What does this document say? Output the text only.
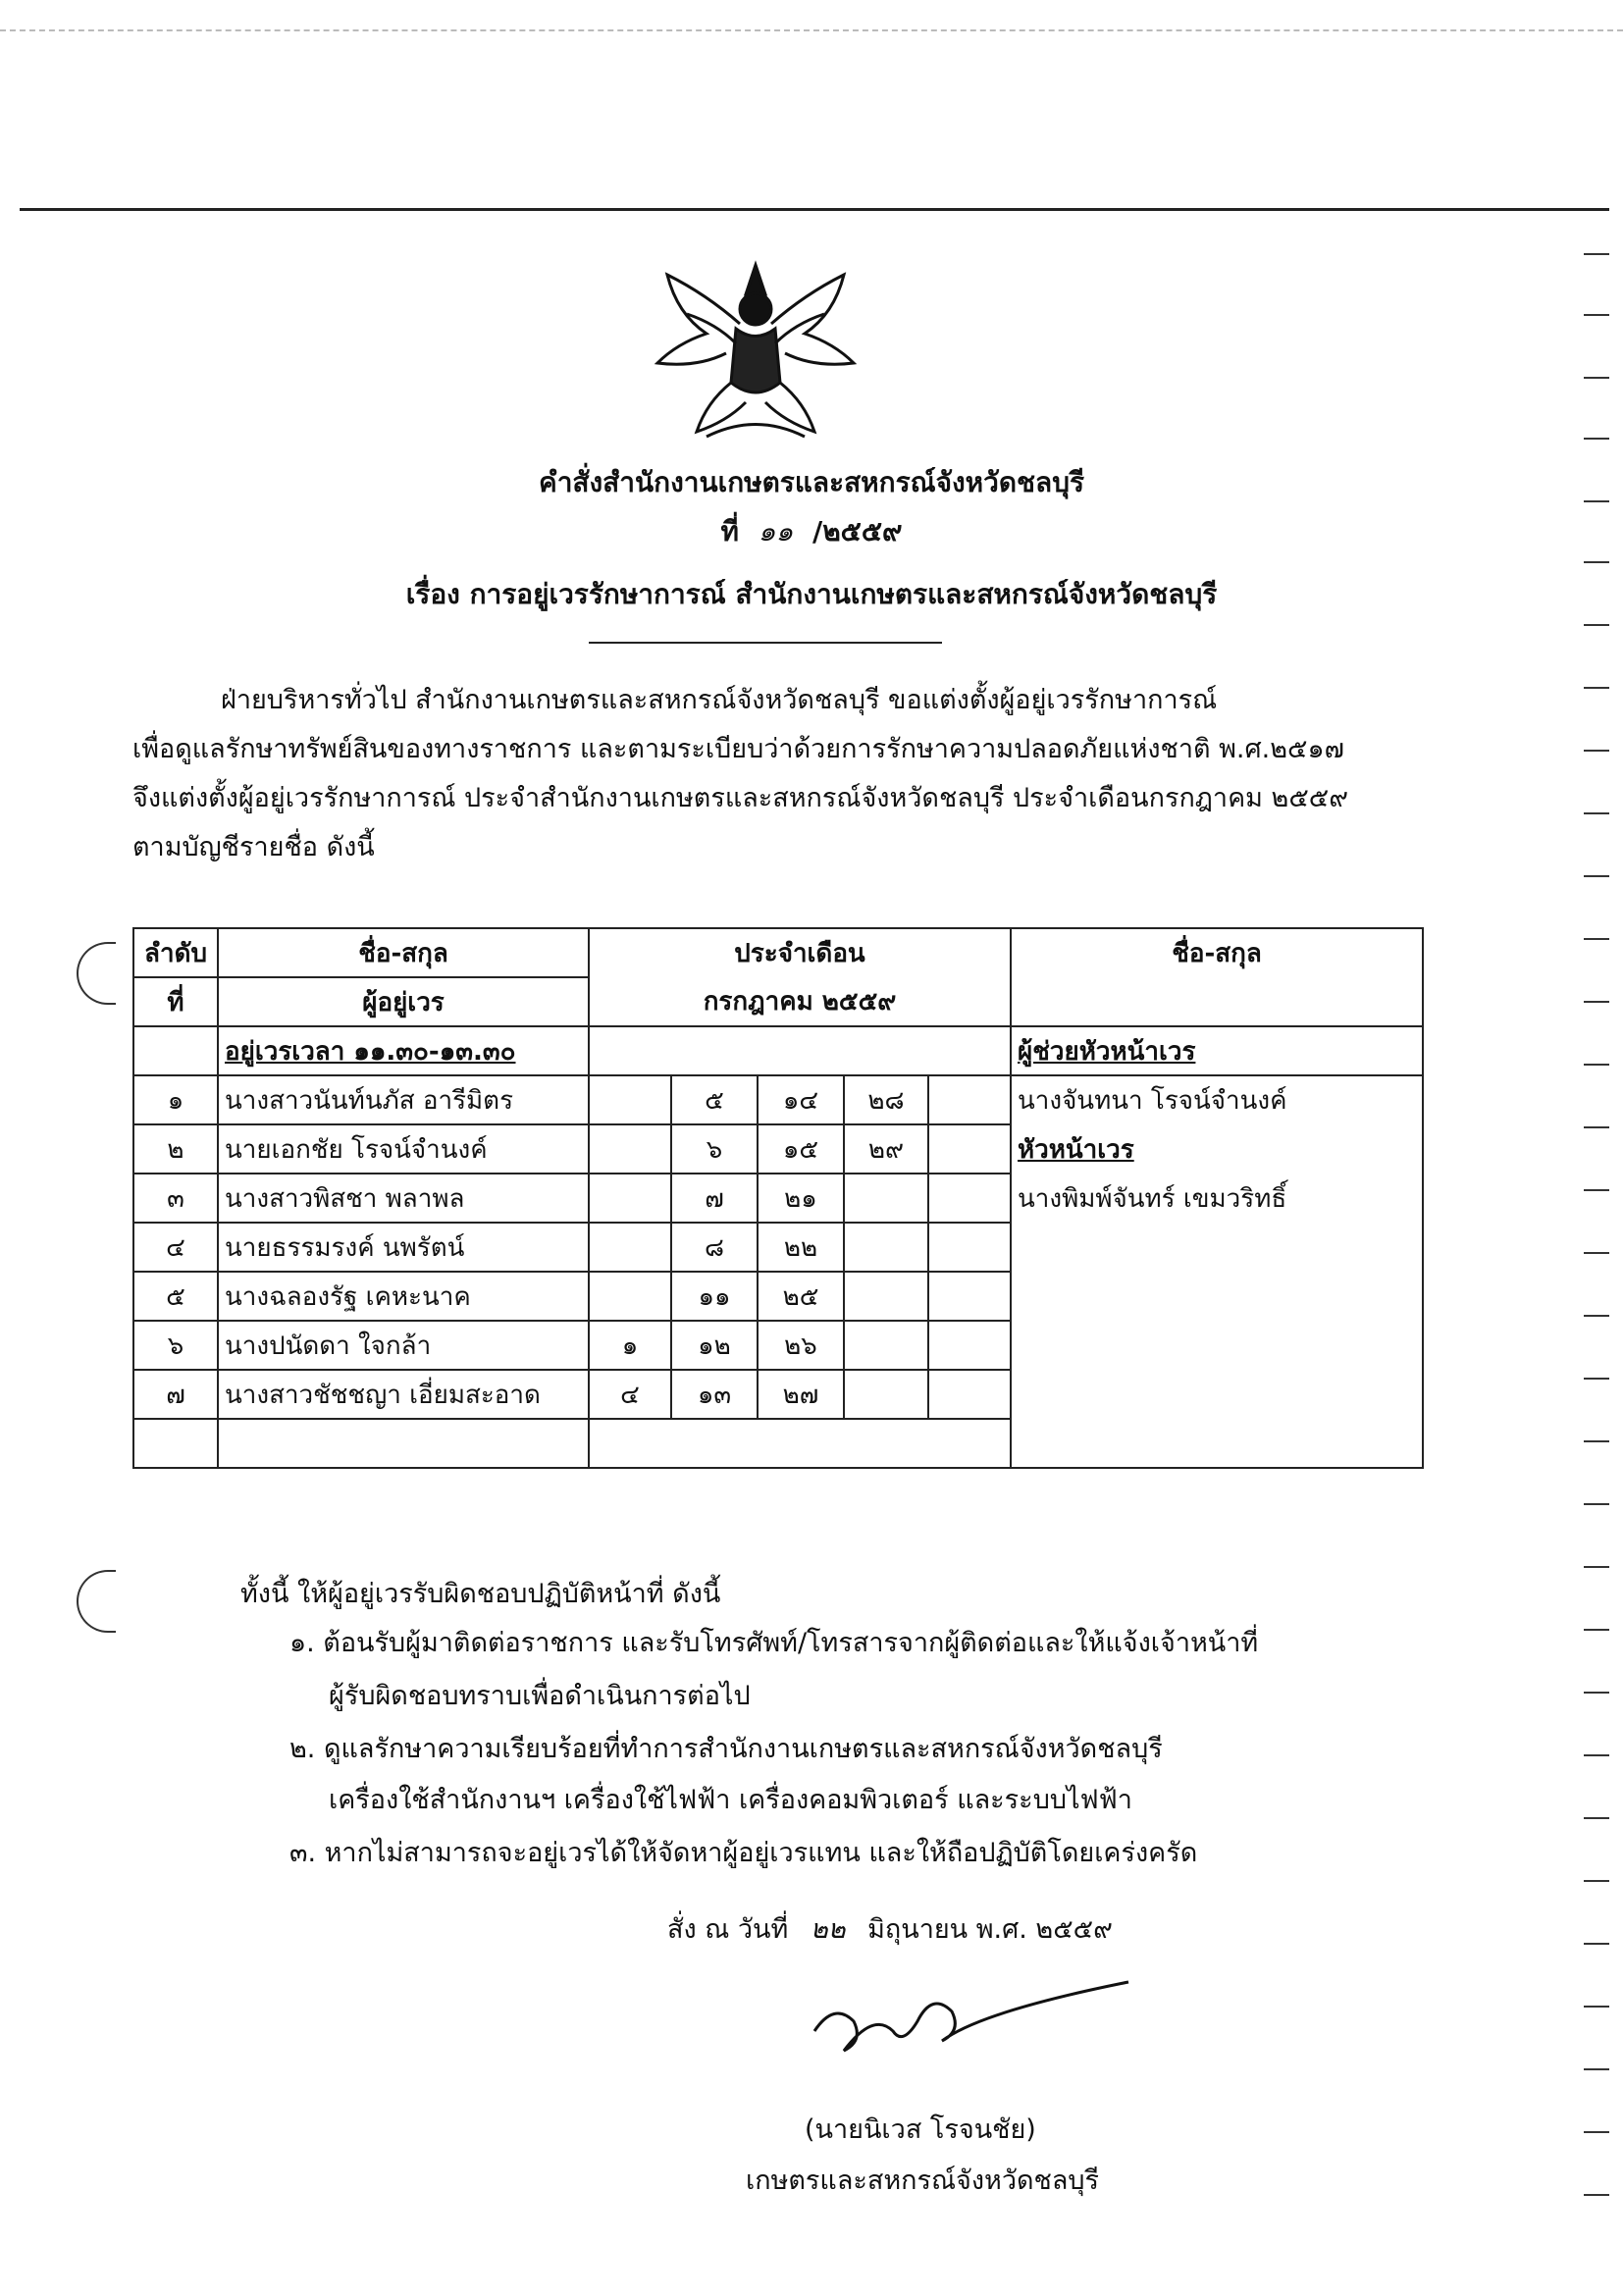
คำสั่งสำนักงานเกษตรและสหกรณ์จังหวัดชลบุรี
ที่ ๑๑ /๒๕๕๙
เรื่อง การอยู่เวรรักษาการณ์ สำนักงานเกษตรและสหกรณ์จังหวัดชลบุรี
ฝ่ายบริหารทั่วไป สำนักงานเกษตรและสหกรณ์จังหวัดชลบุรี ขอแต่งตั้งผู้อยู่เวรรักษาการณ์
เพื่อดูแลรักษาทรัพย์สินของทางราชการ และตามระเบียบว่าด้วยการรักษาความปลอดภัยแห่งชาติ พ.ศ.๒๕๑๗
จึงแต่งตั้งผู้อยู่เวรรักษาการณ์ ประจำสำนักงานเกษตรและสหกรณ์จังหวัดชลบุรี ประจำเดือนกรกฎาคม ๒๕๕๙
ตามบัญชีรายชื่อ ดังนี้
ลำดับ	ชื่อ-สกุล	ประจำเดือน					ชื่อ-สกุล
ที่	ผู้อยู่เวร	กรกฎาคม ๒๕๕๙					
	อยู่เวรเวลา ๑๑.๓๐-๑๓.๓๐						ผู้ช่วยหัวหน้าเวร
๑	นางสาวนันท์นภัส อารีมิตร		๕	๑๔	๒๘		นางจันทนา โรจน์จำนงค์
๒	นายเอกชัย โรจน์จำนงค์		๖	๑๕	๒๙		หัวหน้าเวร
๓	นางสาวพิสชา พลาพล		๗	๒๑			นางพิมพ์จันทร์ เขมวริทธิ์
๔	นายธรรมรงค์ นพรัตน์		๘	๒๒			
๕	นางฉลองรัฐ เคหะนาค		๑๑	๒๕			
๖	นางปนัดดา ใจกล้า	๑	๑๒	๒๖			
๗	นางสาวชัชชญา เอี่ยมสะอาด	๔	๑๓	๒๗			

ทั้งนี้ ให้ผู้อยู่เวรรับผิดชอบปฏิบัติหน้าที่ ดังนี้
๑. ต้อนรับผู้มาติดต่อราชการ และรับโทรศัพท์/โทรสารจากผู้ติดต่อและให้แจ้งเจ้าหน้าที่
ผู้รับผิดชอบทราบเพื่อดำเนินการต่อไป
๒. ดูแลรักษาความเรียบร้อยที่ทำการสำนักงานเกษตรและสหกรณ์จังหวัดชลบุรี
เครื่องใช้สำนักงานฯ เครื่องใช้ไฟฟ้า เครื่องคอมพิวเตอร์ และระบบไฟฟ้า
๓. หากไม่สามารถจะอยู่เวรได้ให้จัดหาผู้อยู่เวรแทน และให้ถือปฏิบัติโดยเคร่งครัด
สั่ง ณ วันที่ ๒๒ มิถุนายน พ.ศ. ๒๕๕๙
(นายนิเวส โรจนชัย)
เกษตรและสหกรณ์จังหวัดชลบุรี
